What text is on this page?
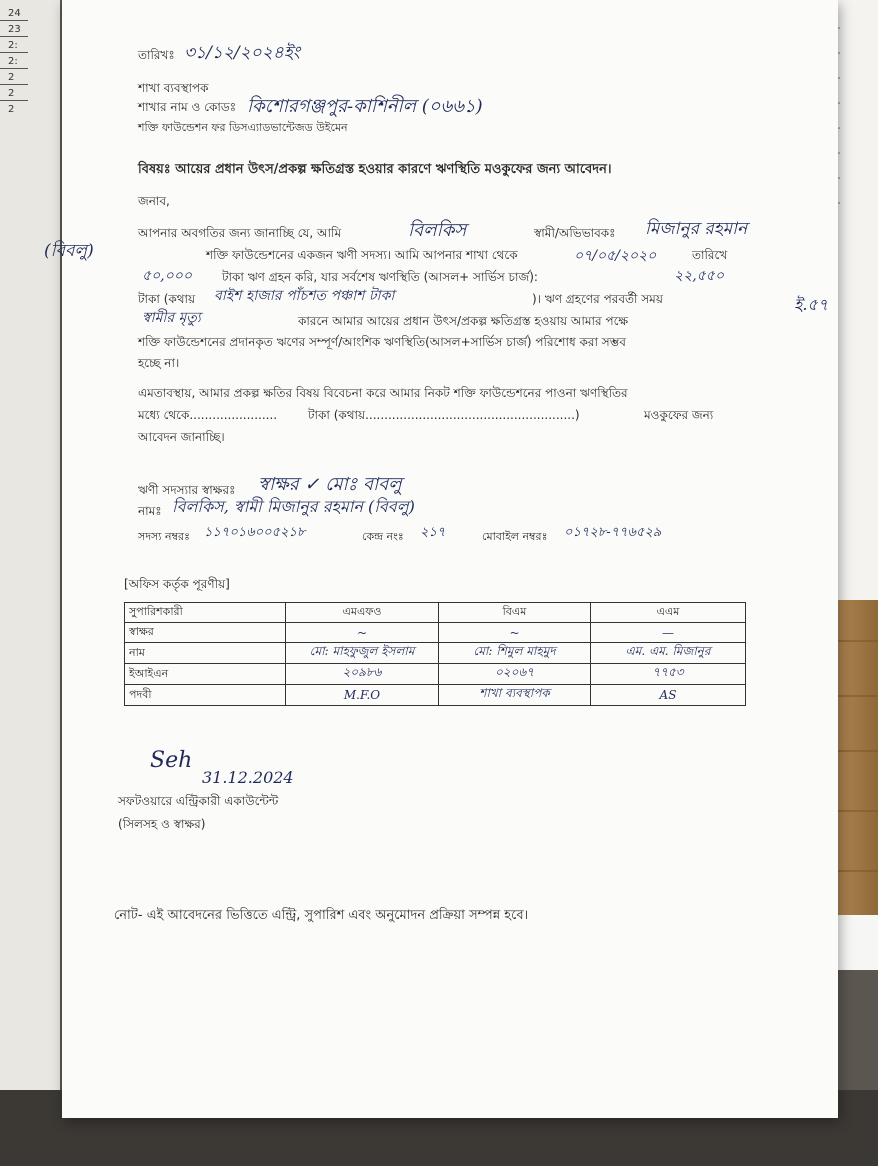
24
23
2:
2:
2
2
2
তারিখঃ ৩১/১২/২০২৪ইং
শাখা ব্যবস্থাপক
শাখার নাম ও কোডঃ কিশোরগঞ্জপুর-কাশিনীল (০৬৬১)
শক্তি ফাউন্ডেশন ফর ডিসএ্যাডভান্টেজড উইমেন
বিষয়ঃ আয়ের প্রধান উৎস/প্রকল্প ক্ষতিগ্রস্ত হওয়ার কারণে ঋণস্থিতি মওকুফের জন্য আবেদন।
জনাব,
(বিবলু)
আপনার অবগতির জন্য জানাচ্ছি যে, আমি	বিলকিস	স্বামী/অভিভাবকঃ মিজানুর রহমান
শক্তি ফাউন্ডেশনের একজন ঋণী সদস্য। আমি আপনার শাখা থেকে	০৭/০৫/২০২০	তারিখে
৫০,০০০	টাকা ঋণ গ্রহন করি, যার সর্বশেষ ঋণস্থিতি (আসল+ সার্ভিস চার্জ):	২২,৫৫০
টাকা (কথায় বাইশ হাজার পাঁচশত পঞ্চাশ টাকা	)। ঋণ গ্রহণের পরবর্তী সময়
স্বামীর মৃত্যু	কারনে আমার আয়ের প্রধান উৎস/প্রকল্প ক্ষতিগ্রস্ত হওয়ায় আমার পক্ষে
শক্তি ফাউন্ডেশনের প্রদানকৃত ঋণের সম্পূর্ণ/আংশিক ঋণস্থিতি(আসল+সার্ভিস চার্জ) পরিশোধ করা সম্ভব
হচ্ছে না।
এমতাবস্থায়, আমার প্রকল্প ক্ষতির বিষয় বিবেচনা করে আমার নিকট শক্তি ফাউন্ডেশনের পাওনা ঋণস্থিতির
মধ্যে থেকে.......................	টাকা (কথায়.......................................................)	মওকুফের জন্য
আবেদন জানাচ্ছি।
ই.৫৭
ঋণী সদস্যার স্বাক্ষরঃ স্বাক্ষর ✓ মোঃ বাবলু
নামঃ বিলকিস, স্বামী মিজানুর রহমান (বিবলু)
সদস্য নম্বরঃ ১১৭০১৬০০৫২১৮	কেন্দ্র নংঃ ২১৭	মোবাইল নম্বরঃ ০১৭২৮-৭৭৬৫২৯
[অফিস কর্তৃক পূরণীয়]
সুপারিশকারী	এমএফও	বিএম	এএম
স্বাক্ষর	~	~	—
নাম	মো: মাহফুজুল ইসলাম	মো: শিমুল মাহমুদ	এম. এম. মিজানুর
ইআইএন	২০৯৮৬	০২০৬৭	৭৭৫৩
পদবী	M.F.O	শাখা ব্যবস্থাপক	AS
Seh
31.12.2024
সফটওয়ারে এন্ট্রিকারী একাউন্টেন্ট
(সিলসহ ও স্বাক্ষর)
নোট- এই আবেদনের ভিত্তিতে এন্ট্রি, সুপারিশ এবং অনুমোদন প্রক্রিয়া সম্পন্ন হবে।
